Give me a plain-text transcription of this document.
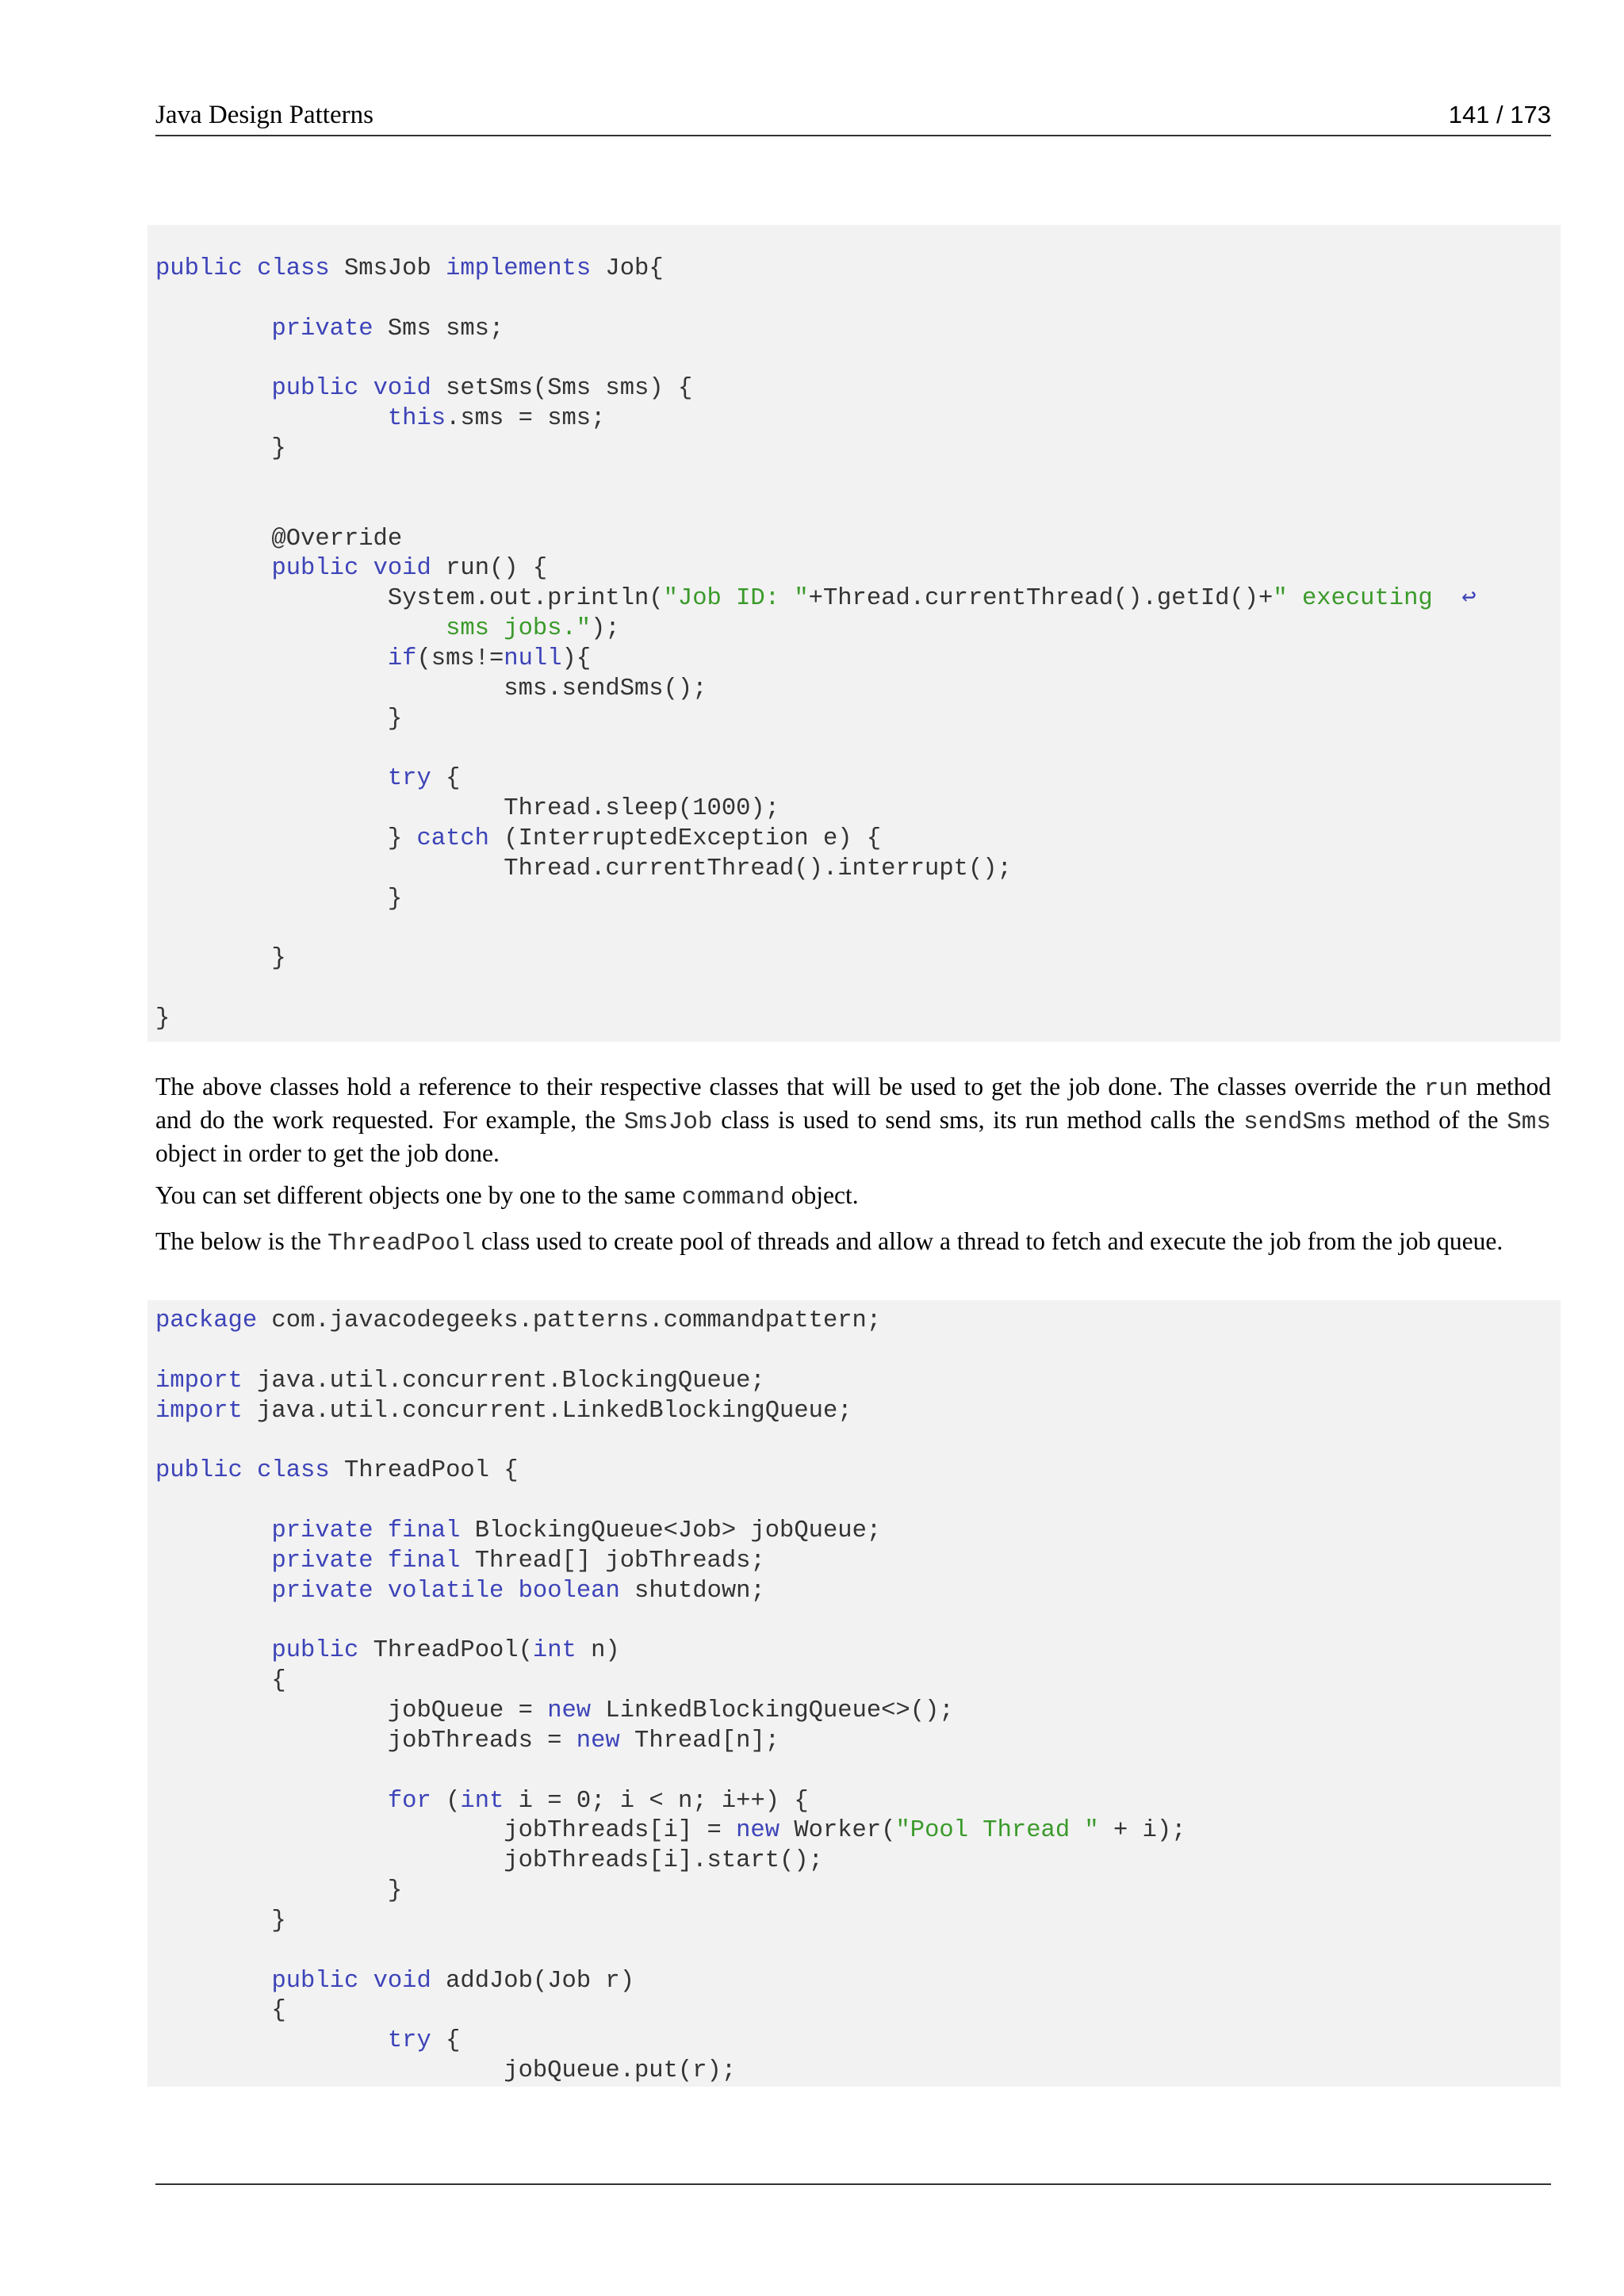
Java Design Patterns	141 / 173
public class SmsJob implements Job{

private Sms sms;

public void setSms(Sms sms) {
this.sms = sms;
}

@Override
public void run() {
System.out.println("Job ID: "+Thread.currentThread().getId()+" executing  ↩
sms jobs.");
if(sms!=null){
sms.sendSms();
}

try {
Thread.sleep(1000);
} catch (InterruptedException e) {
Thread.currentThread().interrupt();
}

}

}

The above classes hold a reference to their respective classes that will be used to get the job done. The classes override the run method and do the work requested. For example, the SmsJob class is used to send sms, its run method calls the sendSms method of the Sms object in order to get the job done.

You can set different objects one by one to the same command object.

The below is the ThreadPool class used to create pool of threads and allow a thread to fetch and execute the job from the job queue.

package com.javacodegeeks.patterns.commandpattern;

import java.util.concurrent.BlockingQueue;
import java.util.concurrent.LinkedBlockingQueue;

public class ThreadPool {

private final BlockingQueue<Job> jobQueue;
private final Thread[] jobThreads;
private volatile boolean shutdown;

public ThreadPool(int n)
{
jobQueue = new LinkedBlockingQueue<>();
jobThreads = new Thread[n];

for (int i = 0; i < n; i++) {
jobThreads[i] = new Worker("Pool Thread " + i);
jobThreads[i].start();
}
}

public void addJob(Job r)
{
try {
jobQueue.put(r);
